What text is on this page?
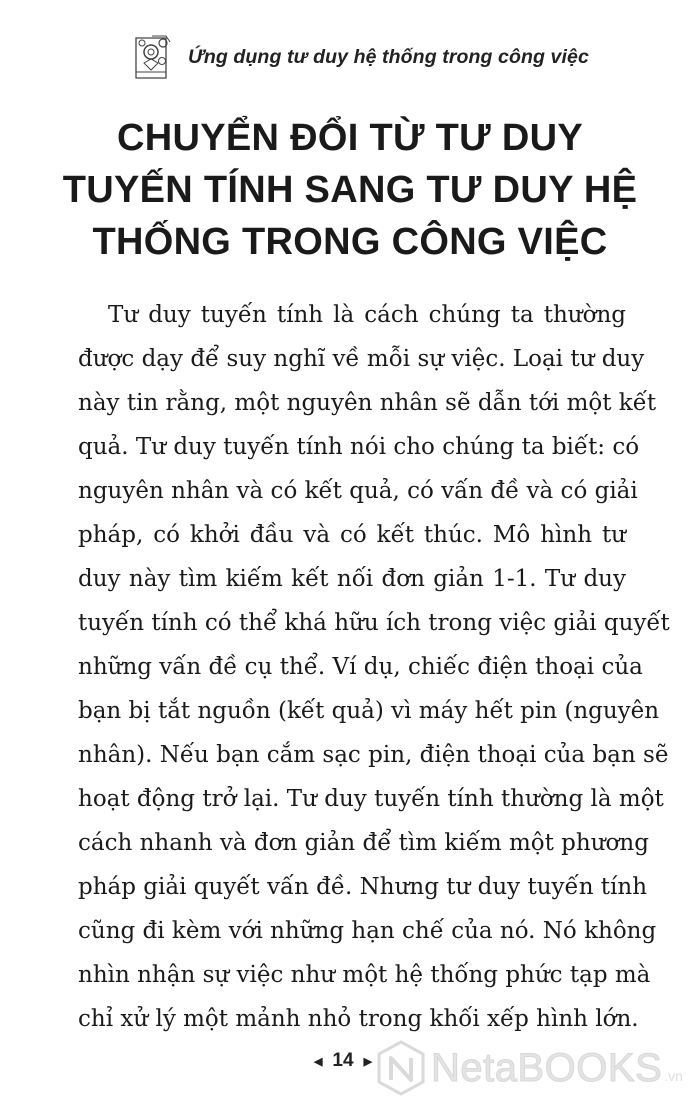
Ứng dụng tư duy hệ thống trong công việc
CHUYỂN ĐỔI TỪ TƯ DUY
TUYẾN TÍNH SANG TƯ DUY HỆ
THỐNG TRONG CÔNG VIỆC
Tư duy tuyến tính là cách chúng ta thường
được dạy để suy nghĩ về mỗi sự việc. Loại tư duy
này tin rằng, một nguyên nhân sẽ dẫn tới một kết
quả. Tư duy tuyến tính nói cho chúng ta biết: có
nguyên nhân và có kết quả, có vấn đề và có giải
pháp, có khởi đầu và có kết thúc. Mô hình tư
duy này tìm kiếm kết nối đơn giản 1-1. Tư duy
tuyến tính có thể khá hữu ích trong việc giải quyết
những vấn đề cụ thể. Ví dụ, chiếc điện thoại của
bạn bị tắt nguồn (kết quả) vì máy hết pin (nguyên
nhân). Nếu bạn cắm sạc pin, điện thoại của bạn sẽ
hoạt động trở lại. Tư duy tuyến tính thường là một
cách nhanh và đơn giản để tìm kiếm một phương
pháp giải quyết vấn đề. Nhưng tư duy tuyến tính
cũng đi kèm với những hạn chế của nó. Nó không
nhìn nhận sự việc như một hệ thống phức tạp mà
chỉ xử lý một mảnh nhỏ trong khối xếp hình lớn.
◀ 14 ▶ NetaBOOKS .vn
